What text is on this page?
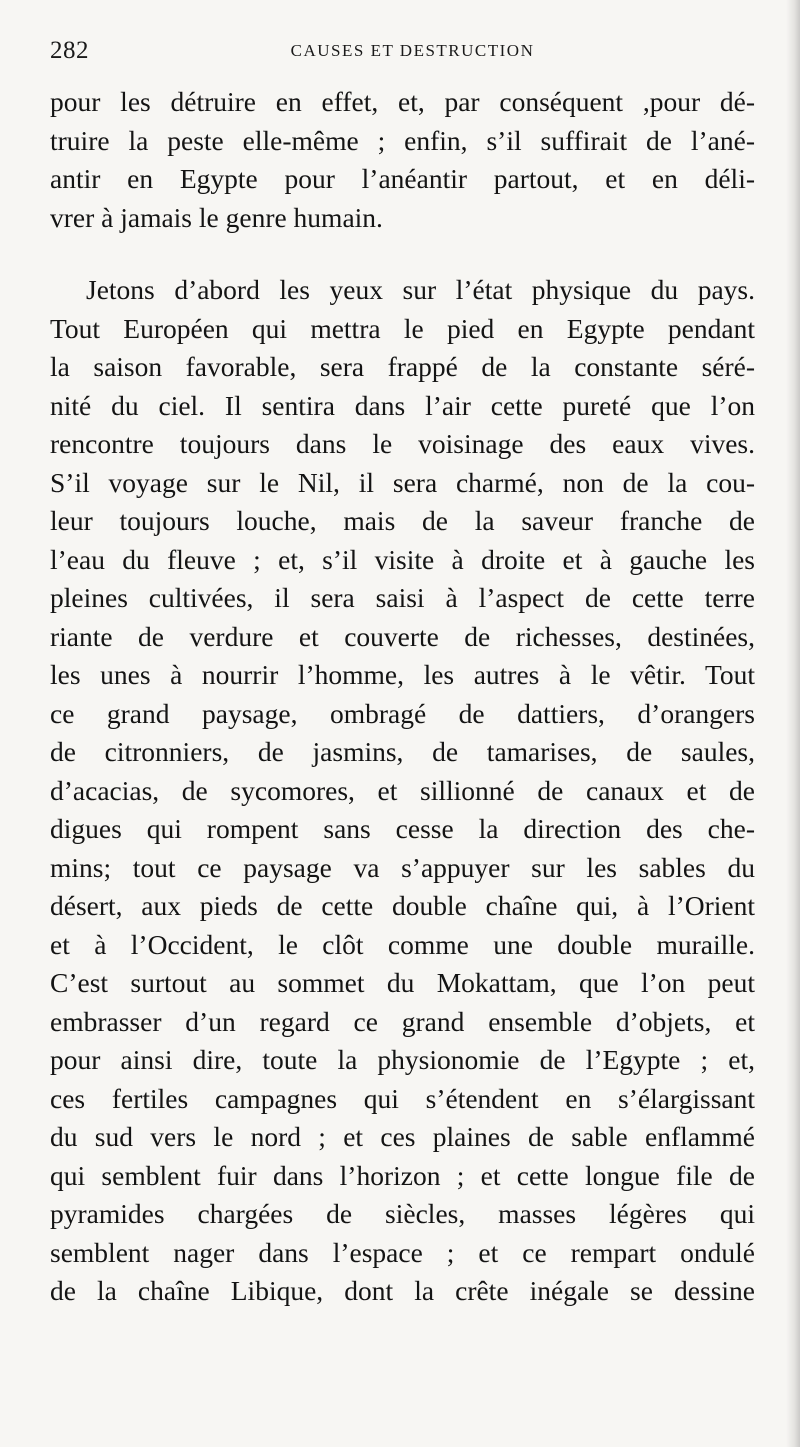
282	CAUSES ET DESTRUCTION
pour les détruire en effet, et, par conséquent ,pour dé-
truire la peste elle-même ; enfin, s’il suffirait de l’ané-
antir en Egypte pour l’anéantir partout, et en déli-
vrer à jamais le genre humain.
Jetons d’abord les yeux sur l’état physique du pays.
Tout Européen qui mettra le pied en Egypte pendant
la saison favorable, sera frappé de la constante séré-
nité du ciel. Il sentira dans l’air cette pureté que l’on
rencontre toujours dans le voisinage des eaux vives.
S’il voyage sur le Nil, il sera charmé, non de la cou-
leur toujours louche, mais de la saveur franche de
l’eau du fleuve ; et, s’il visite à droite et à gauche les
pleines cultivées, il sera saisi à l’aspect de cette terre
riante de verdure et couverte de richesses, destinées,
les unes à nourrir l’homme, les autres à le vêtir. Tout
ce grand paysage, ombragé de dattiers, d’orangers
de citronniers, de jasmins, de tamarises, de saules,
d’acacias, de sycomores, et sillionné de canaux et de
digues qui rompent sans cesse la direction des che-
mins; tout ce paysage va s’appuyer sur les sables du
désert, aux pieds de cette double chaîne qui, à l’Orient
et à l’Occident, le clôt comme une double muraille.
C’est surtout au sommet du Mokattam, que l’on peut
embrasser d’un regard ce grand ensemble d’objets, et
pour ainsi dire, toute la physionomie de l’Egypte ; et,
ces fertiles campagnes qui s’étendent en s’élargissant
du sud vers le nord ; et ces plaines de sable enflammé
qui semblent fuir dans l’horizon ; et cette longue file de
pyramides chargées de siècles, masses légères qui
semblent nager dans l’espace ; et ce rempart ondulé
de la chaîne Libique, dont la crête inégale se dessine
